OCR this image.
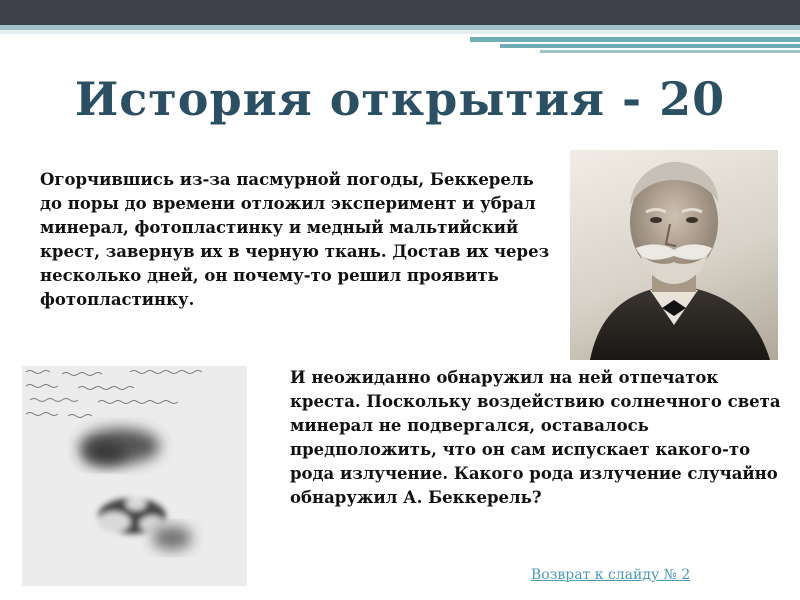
История открытия - 20
Огорчившись из-за пасмурной погоды, Беккерель до поры до времени отложил эксперимент и убрал минерал, фотопластинку и медный мальтийский крест, завернув их в черную ткань. Достав их через несколько дней, он почему-то решил проявить фотопластинку.
И неожиданно обнаружил на ней отпечаток креста. Поскольку воздействию солнечного света минерал не подвергался, оставалось предположить, что он сам испускает какого-то рода излучение. Какого рода излучение случайно обнаружил А. Беккерель?
Возврат к слайду № 2
